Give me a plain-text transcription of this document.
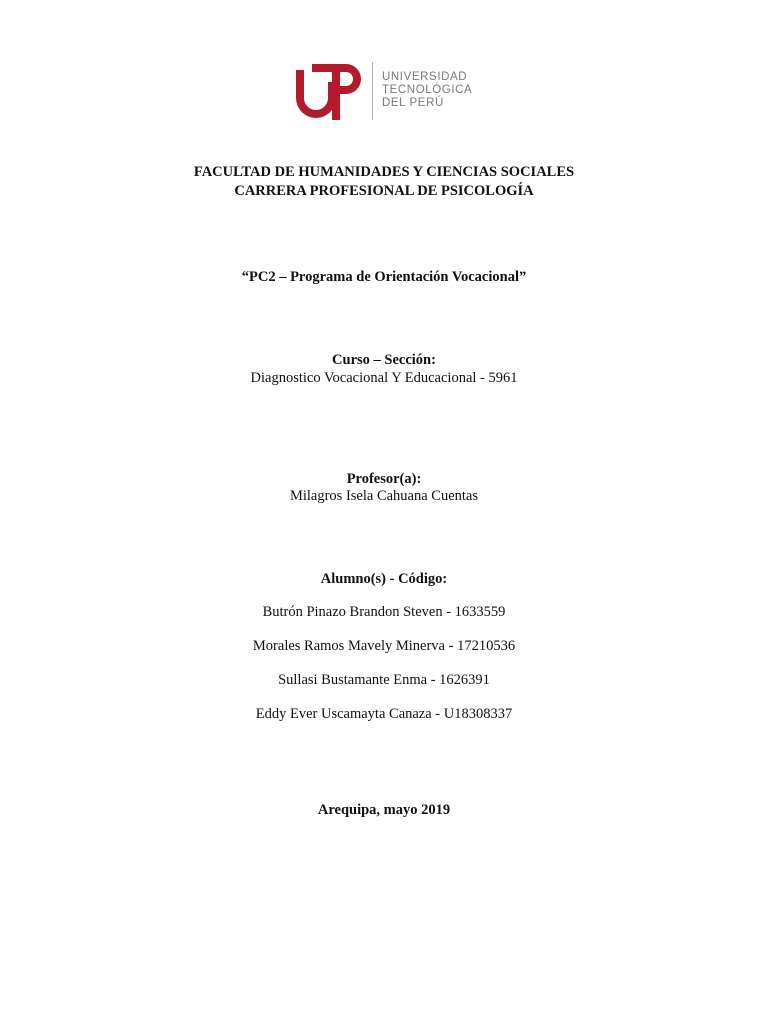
UNIVERSIDAD
TECNOLÓGICA
DEL PERÚ
FACULTAD DE HUMANIDADES Y CIENCIAS SOCIALES
CARRERA PROFESIONAL DE PSICOLOGÍA
“PC2 – Programa de Orientación Vocacional”
Curso – Sección:
Diagnostico Vocacional Y Educacional - 5961
Profesor(a):
Milagros Isela Cahuana Cuentas
Alumno(s) - Código:
Butrón Pinazo Brandon Steven - 1633559
Morales Ramos Mavely Minerva - 17210536
Sullasi Bustamante Enma - 1626391
Eddy Ever Uscamayta Canaza - U18308337
Arequipa, mayo 2019
